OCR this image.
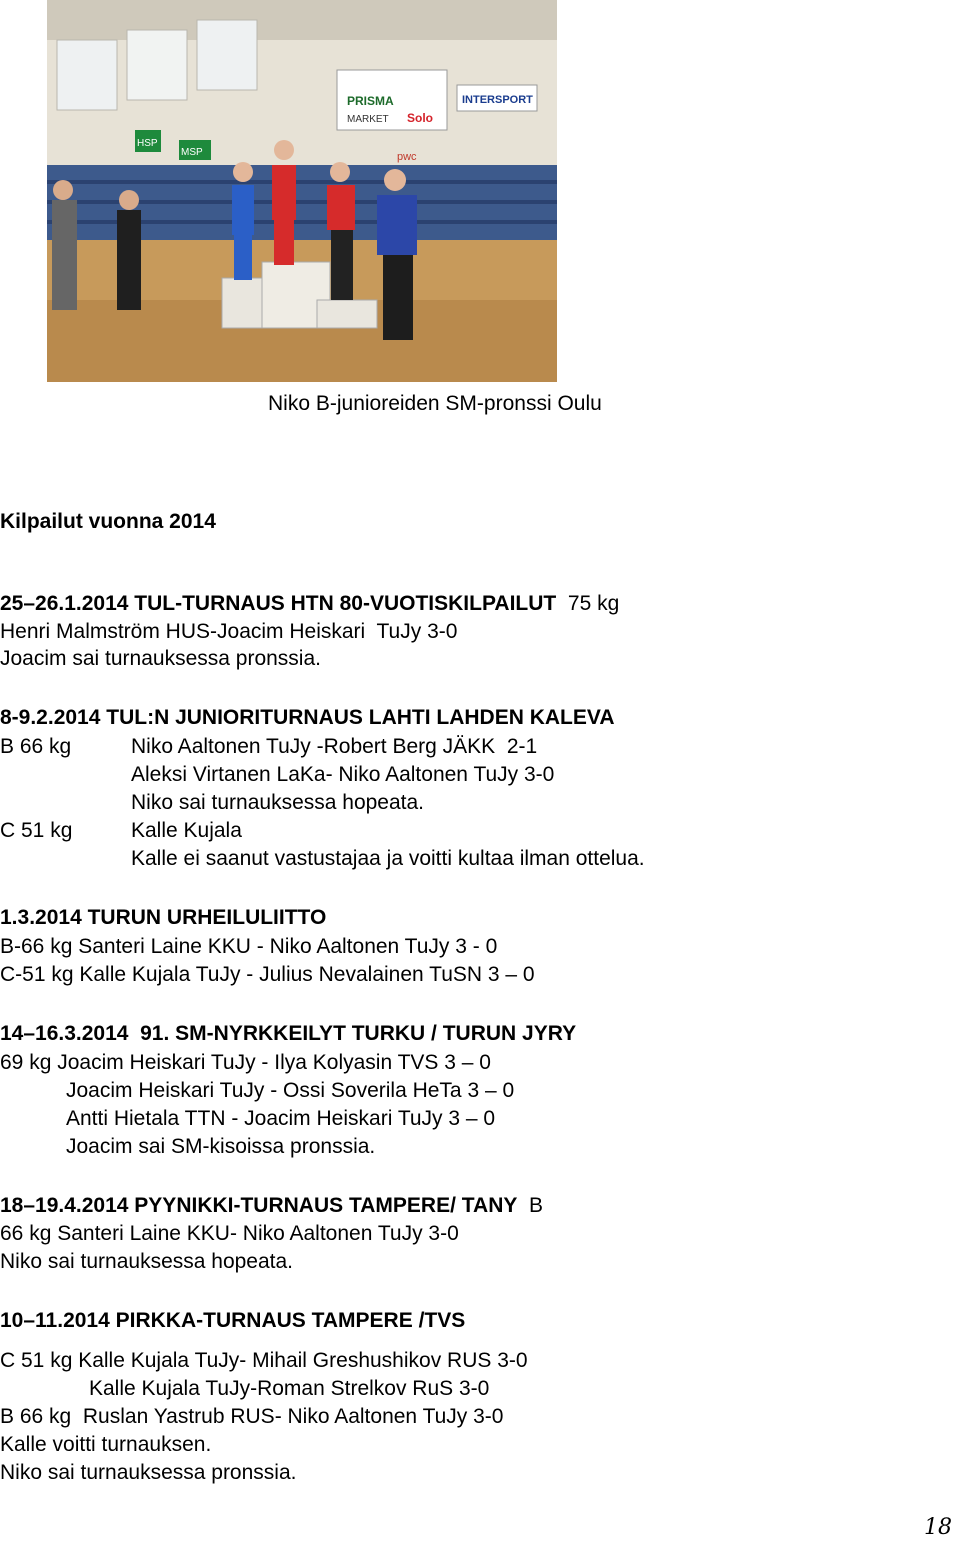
PRISMA
MARKET Solo
INTERSPORT
HSP
MSP	pwc
Niko B-junioreiden SM-pronssi Oulu
Kilpailut vuonna 2014
25–26.1.2014 TUL-TURNAUS HTN 80-VUOTISKILPAILUT  75 kg
Henri Malmström HUS-Joacim Heiskari  TuJy 3-0
Joacim sai turnauksessa pronssia.
8-9.2.2014 TUL:N JUNIORITURNAUS LAHTI LAHDEN KALEVA
B 66 kg	Niko Aaltonen TuJy -Robert Berg JÄKK  2-1
Aleksi Virtanen LaKa- Niko Aaltonen TuJy 3-0
Niko sai turnauksessa hopeata.
C 51 kg	Kalle Kujala
Kalle ei saanut vastustajaa ja voitti kultaa ilman ottelua.
1.3.2014 TURUN URHEILULIITTO
B-66 kg Santeri Laine KKU - Niko Aaltonen TuJy 3 - 0
C-51 kg Kalle Kujala TuJy - Julius Nevalainen TuSN 3 – 0
14–16.3.2014  91. SM-NYRKKEILYT TURKU / TURUN JYRY
69 kg Joacim Heiskari TuJy - Ilya Kolyasin TVS 3 – 0
Joacim Heiskari TuJy - Ossi Soverila HeTa 3 – 0
Antti Hietala TTN - Joacim Heiskari TuJy 3 – 0
Joacim sai SM-kisoissa pronssia.
18–19.4.2014 PYYNIKKI-TURNAUS TAMPERE/ TANY  B
66 kg Santeri Laine KKU- Niko Aaltonen TuJy 3-0
Niko sai turnauksessa hopeata.
10–11.2014 PIRKKA-TURNAUS TAMPERE /TVS
C 51 kg Kalle Kujala TuJy- Mihail Greshushikov RUS 3-0
Kalle Kujala TuJy-Roman Strelkov RuS 3-0
B 66 kg  Ruslan Yastrub RUS- Niko Aaltonen TuJy 3-0
Kalle voitti turnauksen.
Niko sai turnauksessa pronssia.
18
